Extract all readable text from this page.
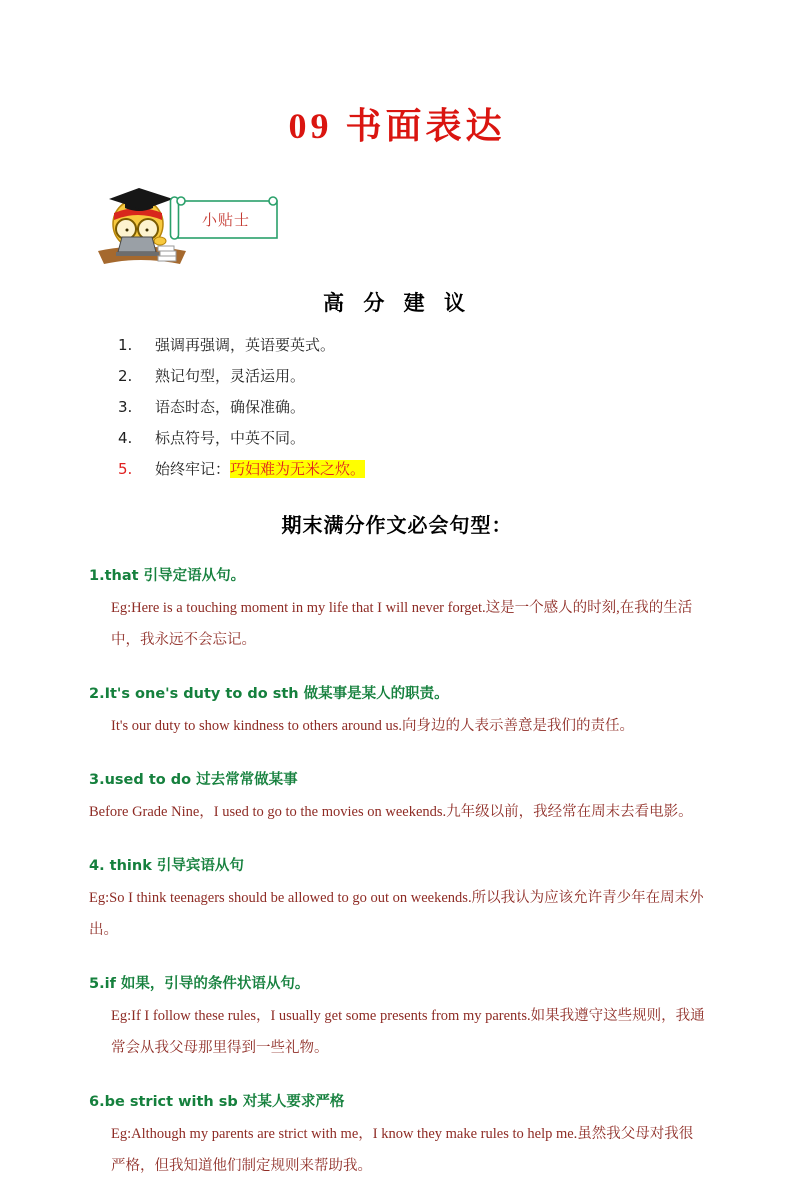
09 书面表达
小贴士
高 分 建 议
1.	强调再强调，英语要英式。
2.	熟记句型，灵活运用。
3.	语态时态，确保准确。
4.	标点符号，中英不同。
5.	始终牢记：巧妇难为无米之炊。
期末满分作文必会句型：
1.that 引导定语从句。

Eg:Here is a touching moment in my life that I will never forget.这是一个感人的时刻,在我的生活中，我永远不会忘记。

2.It's one's duty to do sth 做某事是某人的职责。

It's our duty to show kindness to others around us.向身边的人表示善意是我们的责任。

3.used to do 过去常常做某事

Before Grade Nine，I used to go to the movies on weekends.九年级以前，我经常在周末去看电影。

4. think 引导宾语从句

Eg:So I think teenagers should be allowed to go out on weekends.所以我认为应该允许青少年在周末外出。

5.if 如果，引导的条件状语从句。

Eg:If I follow these rules，I usually get some presents from my parents.如果我遵守这些规则，我通常会从我父母那里得到一些礼物。

6.be strict with sb 对某人要求严格

Eg:Although my parents are strict with me，I know they make rules to help me.虽然我父母对我很严格，但我知道他们制定规则来帮助我。
